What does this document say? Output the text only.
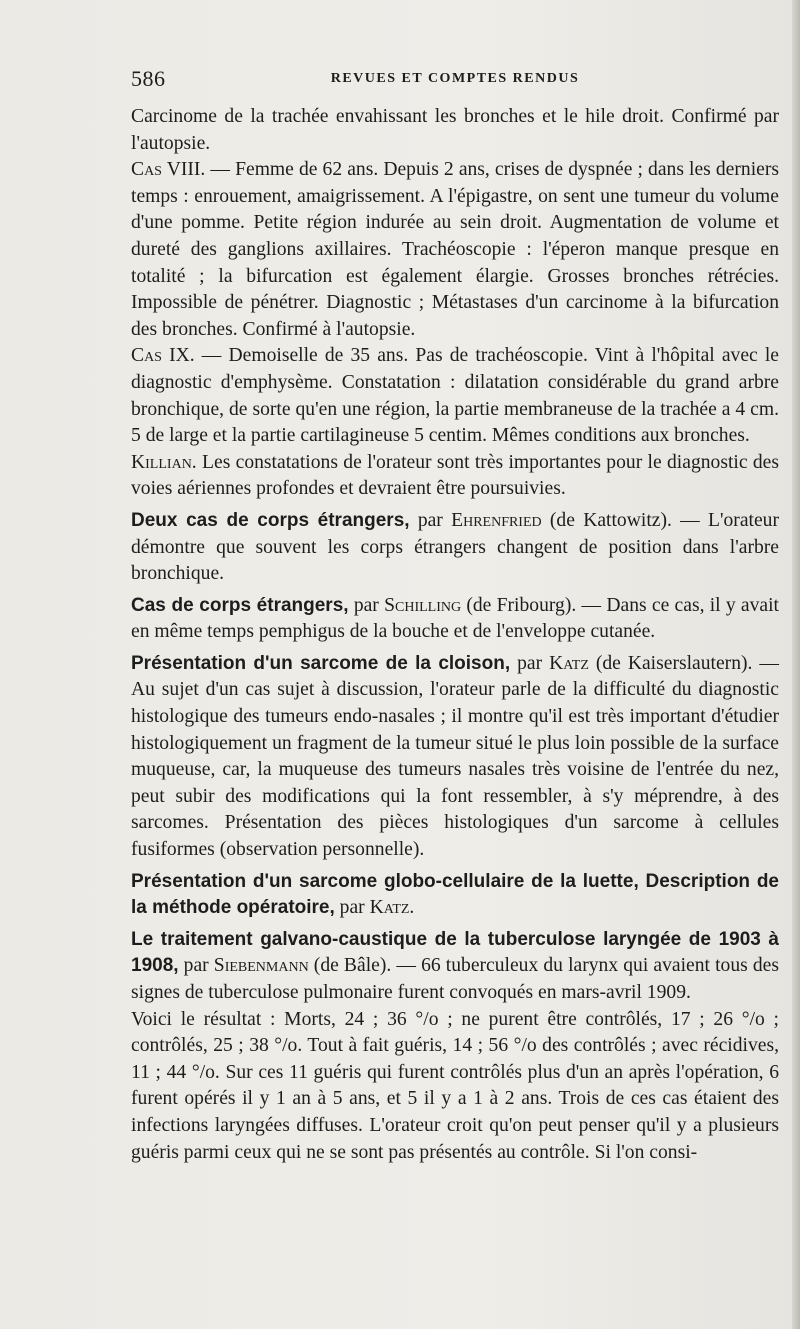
586	REVUES ET COMPTES RENDUS

Carcinome de la trachée envahissant les bronches et le hile droit. Confirmé par l'autopsie.

Cas VIII. — Femme de 62 ans. Depuis 2 ans, crises de dyspnée ; dans les derniers temps : enrouement, amaigrissement. A l'épigastre, on sent une tumeur du volume d'une pomme. Petite région indurée au sein droit. Augmentation de volume et dureté des ganglions axillaires. Trachéoscopie : l'éperon manque presque en totalité ; la bifurcation est également élargie. Grosses bronches rétrécies. Impossible de pénétrer. Diagnostic ; Métastases d'un carcinome à la bifurcation des bronches. Confirmé à l'autopsie.

Cas IX. — Demoiselle de 35 ans. Pas de trachéoscopie. Vint à l'hôpital avec le diagnostic d'emphysème. Constatation : dilatation considérable du grand arbre bronchique, de sorte qu'en une région, la partie membraneuse de la trachée a 4 cm. 5 de large et la partie cartilagineuse 5 centim. Mêmes conditions aux bronches.

Killian. Les constatations de l'orateur sont très importantes pour le diagnostic des voies aériennes profondes et devraient être poursuivies.

Deux cas de corps étrangers, par Ehrenfried (de Kattowitz). — L'orateur démontre que souvent les corps étrangers changent de position dans l'arbre bronchique.

Cas de corps étrangers, par Schilling (de Fribourg). — Dans ce cas, il y avait en même temps pemphigus de la bouche et de l'enveloppe cutanée.

Présentation d'un sarcome de la cloison, par Katz (de Kaiserslautern). — Au sujet d'un cas sujet à discussion, l'orateur parle de la difficulté du diagnostic histologique des tumeurs endo-nasales ; il montre qu'il est très important d'étudier histologiquement un fragment de la tumeur situé le plus loin possible de la surface muqueuse, car, la muqueuse des tumeurs nasales très voisine de l'entrée du nez, peut subir des modifications qui la font ressembler, à s'y méprendre, à des sarcomes. Présentation des pièces histologiques d'un sarcome à cellules fusiformes (observation personnelle).

Présentation d'un sarcome globo-cellulaire de la luette, Description de la méthode opératoire, par Katz.

Le traitement galvano-caustique de la tuberculose laryngée de 1903 à 1908, par Siebenmann (de Bâle). — 66 tuberculeux du larynx qui avaient tous des signes de tuberculose pulmonaire furent convoqués en mars-avril 1909.

Voici le résultat : Morts, 24 ; 36 °/o ; ne purent être contrôlés, 17 ; 26 °/o ; contrôlés, 25 ; 38 °/o. Tout à fait guéris, 14 ; 56 °/o des contrôlés ; avec récidives, 11 ; 44 °/o. Sur ces 11 guéris qui furent contrôlés plus d'un an après l'opération, 6 furent opérés il y 1 an à 5 ans, et 5 il y a 1 à 2 ans. Trois de ces cas étaient des infections laryngées diffuses. L'orateur croit qu'on peut penser qu'il y a plusieurs guéris parmi ceux qui ne se sont pas présentés au contrôle. Si l'on consi-
